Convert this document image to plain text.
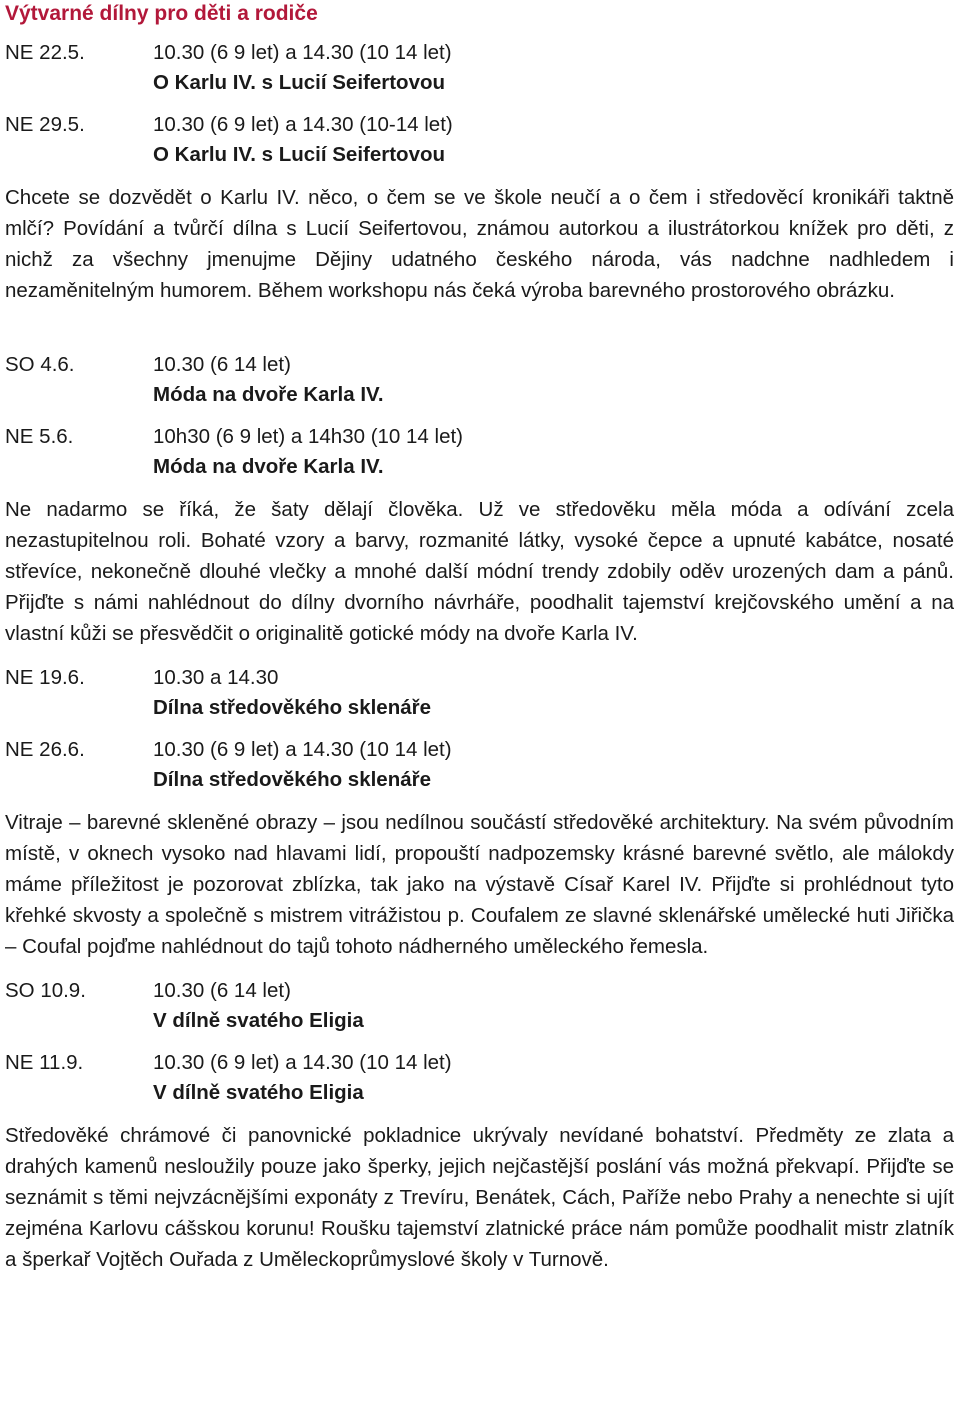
Výtvarné dílny pro děti a rodiče
NE 22.5.	10.30 (6 9 let) a 14.30 (10 14 let)
O Karlu IV. s Lucií Seifertovou
NE 29.5.	10.30 (6 9 let) a 14.30 (10-14 let)
O Karlu IV. s Lucií Seifertovou

Chcete se dozvědět o Karlu IV. něco, o čem se ve škole neučí a o čem i středověcí kronikáři taktně mlčí? Povídání a tvůrčí dílna s Lucií Seifertovou, známou autorkou a ilustrátorkou knížek pro děti, z nichž za všechny jmenujme Dějiny udatného českého národa, vás nadchne nadhledem i nezaměnitelným humorem. Během workshopu nás čeká výroba barevného prostorového obrázku.

SO 4.6.	10.30 (6 14 let)
Móda na dvoře Karla IV.
NE 5.6.	10h30 (6 9 let) a 14h30 (10 14 let)
Móda na dvoře Karla IV.

Ne nadarmo se říká, že šaty dělají člověka. Už ve středověku měla móda a odívání zcela nezastupitelnou roli. Bohaté vzory a barvy, rozmanité látky, vysoké čepce a upnuté kabátce, nosaté střevíce, nekonečně dlouhé vlečky a mnohé další módní trendy zdobily oděv urozených dam a pánů. Přijďte s námi nahlédnout do dílny dvorního návrháře, poodhalit tajemství krejčovského umění a na vlastní kůži se přesvědčit o originalitě gotické módy na dvoře Karla IV.

NE 19.6.	10.30 a 14.30
Dílna středověkého sklenáře
NE 26.6.	10.30 (6 9 let) a 14.30 (10 14 let)
Dílna středověkého sklenáře

Vitraje – barevné skleněné obrazy – jsou nedílnou součástí středověké architektury. Na svém původním místě, v oknech vysoko nad hlavami lidí, propouští nadpozemsky krásné barevné světlo, ale málokdy máme příležitost je pozorovat zblízka, tak jako na výstavě Císař Karel IV. Přijďte si prohlédnout tyto křehké skvosty a společně s mistrem vitrážistou p. Coufalem ze slavné sklenářské umělecké huti Jiřička – Coufal pojďme nahlédnout do tajů tohoto nádherného uměleckého řemesla.

SO 10.9.	10.30 (6 14 let)
V dílně svatého Eligia
NE 11.9.	10.30 (6 9 let) a 14.30 (10 14 let)
V dílně svatého Eligia

Středověké chrámové či panovnické pokladnice ukrývaly nevídané bohatství. Předměty ze zlata a drahých kamenů nesloužily pouze jako šperky, jejich nejčastější poslání vás možná překvapí. Přijďte se seznámit s těmi nejvzácnějšími exponáty z Trevíru, Benátek, Cách, Paříže nebo Prahy a nenechte si ujít zejména Karlovu cášskou korunu! Roušku tajemství zlatnické práce nám pomůže poodhalit mistr zlatník a šperkař Vojtěch Ouřada z Uměleckoprůmyslové školy v Turnově.
